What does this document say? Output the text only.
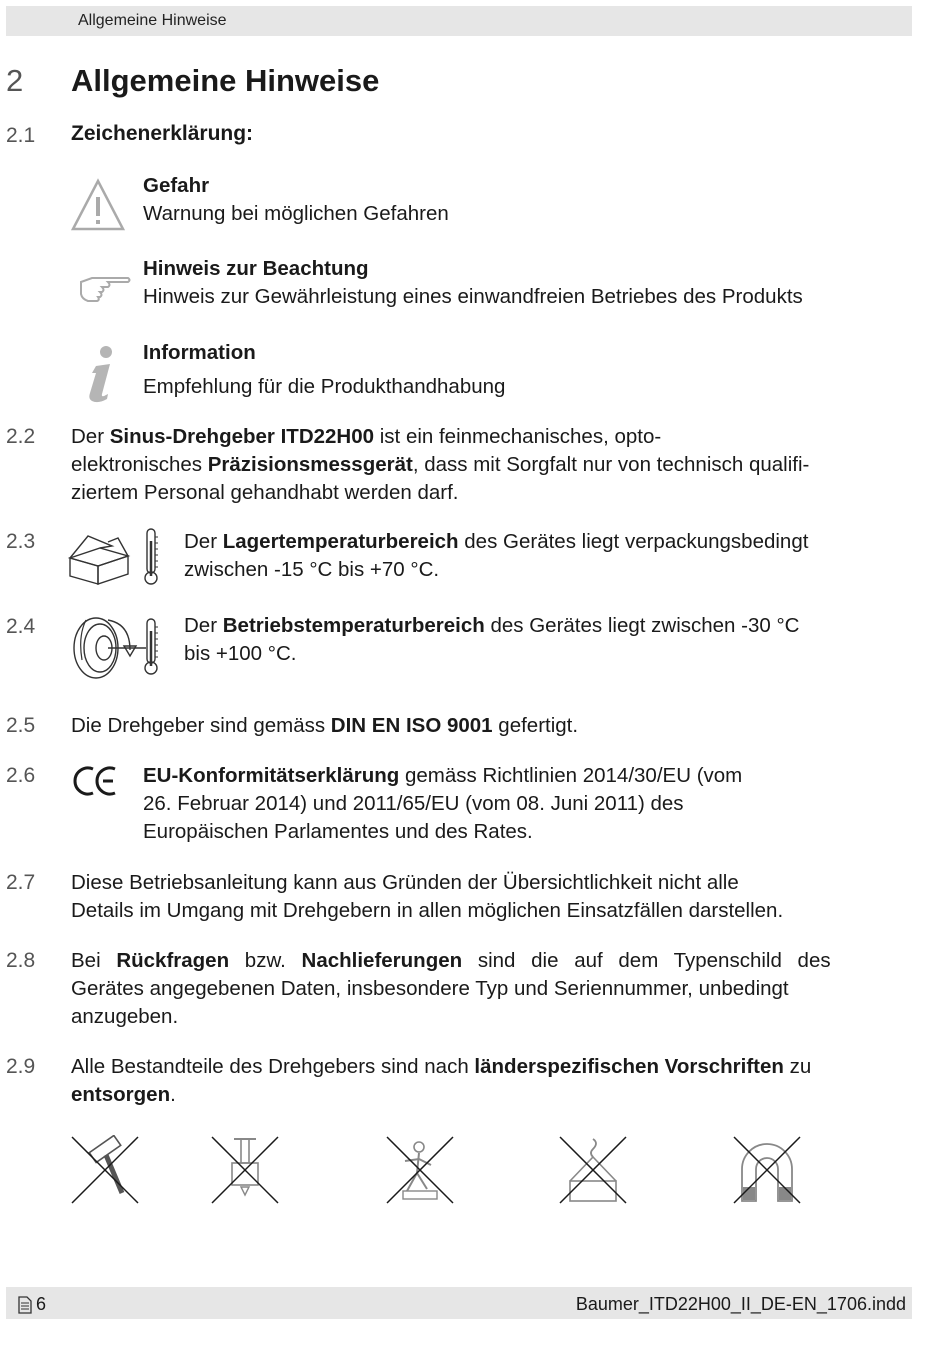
Allgemeine Hinweise
2 Allgemeine Hinweise
2.1 Zeichenerklärung:
Gefahr
Warnung bei möglichen Gefahren
Hinweis zur Beachtung
Hinweis zur Gewährleistung eines einwandfreien Betriebes des Produkts
Information
Empfehlung für die Produkthandhabung
2.2 Der Sinus-Drehgeber ITD22H00 ist ein feinmechanisches, opto-
elektronisches Präzisionsmessgerät, dass mit Sorgfalt nur von technisch qualifi-
ziertem Personal gehandhabt werden darf.
2.3	Der Lagertemperaturbereich des Gerätes liegt verpackungsbedingt
zwischen -15 °C bis +70 °C.
2.4	Der Betriebstemperaturbereich des Gerätes liegt zwischen -30 °C
bis +100 °C.
2.5 Die Drehgeber sind gemäss DIN EN ISO 9001 gefertigt.
2.6	EU-Konformitätserklärung gemäss Richtlinien 2014/30/EU (vom
26. Februar 2014) und 2011/65/EU (vom 08. Juni 2011) des
Europäischen Parlamentes und des Rates.
2.7 Diese Betriebsanleitung kann aus Gründen der Übersichtlichkeit nicht alle
Details im Umgang mit Drehgebern in allen möglichen Einsatzfällen darstellen.
2.8 Bei Rückfragen bzw. Nachlieferungen sind die auf dem Typenschild des
Gerätes angegebenen Daten, insbesondere Typ und Seriennummer, unbedingt
anzugeben.
2.9 Alle Bestandteile des Drehgebers sind nach länderspezifischen Vorschriften zu
entsorgen.
6	Baumer_ITD22H00_II_DE-EN_1706.indd
